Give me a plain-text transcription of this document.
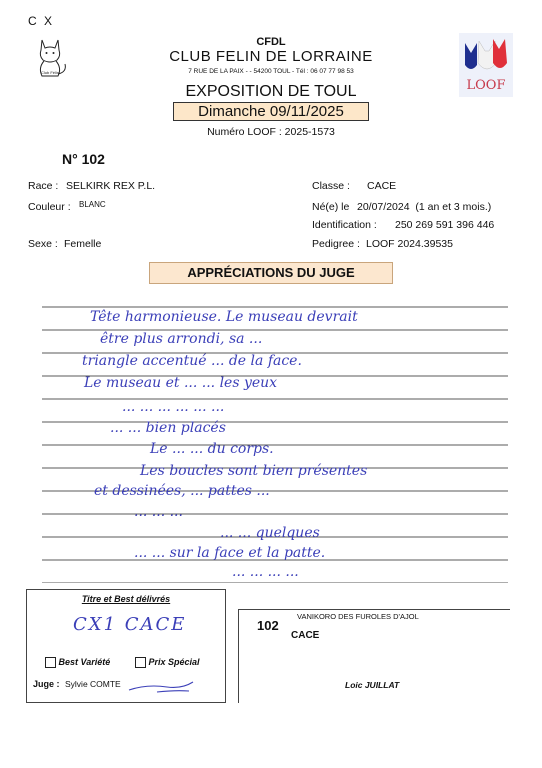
C X
Club Félin
CFDL
CLUB FELIN DE LORRAINE
7 RUE DE LA PAIX - - 54200 TOUL - Tél : 06 07 77 98 53
LOOF
EXPOSITION DE TOUL
Dimanche 09/11/2025
Numéro LOOF : 2025-1573
N° 102
Race : SELKIRK REX P.L.
Couleur : BLANC
Sexe : Femelle
Classe : CACE
Né(e) le 20/07/2024  (1 an et 3 mois.)
Identification : 250 269 591 396 446
Pedigree : LOOF 2024.39535
APPRÉCIATIONS DU JUGE
Tête harmonieuse. Le museau devrait
être plus arrondi, sa ...
triangle accentué ... de la face.
Le museau et ... ... les yeux
... ... ... ... ... ...
... ... bien placés
Le ... ... du corps.
Les boucles sont bien présentes
et dessinées, ... pattes ...
... ... ...
... ... quelques
... ... sur la face et la patte.
... ... ... ...
Titre et Best délivrés
CX1 CACE
Best Variété	Prix Spécial
Juge : Sylvie COMTE
102
VANIKORO DES FUROLES D'AJOL
CACE
Loic JUILLAT
